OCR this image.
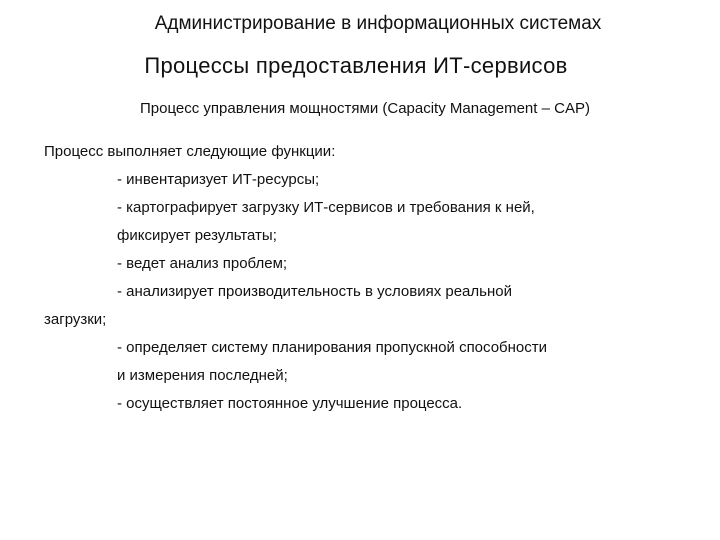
Администрирование в информационных системах
Процессы предоставления ИТ-сервисов
Процесс управления мощностями (Capacity Management – CAP)
Процесс выполняет следующие функции:
- инвентаризует ИТ-ресурсы;
- картографирует загрузку ИТ-сервисов и требования к ней,
фиксирует результаты;
- ведет анализ проблем;
- анализирует производительность в условиях реальной
загрузки;
- определяет систему планирования пропускной способности
и измерения последней;
- осуществляет постоянное улучшение процесса.
